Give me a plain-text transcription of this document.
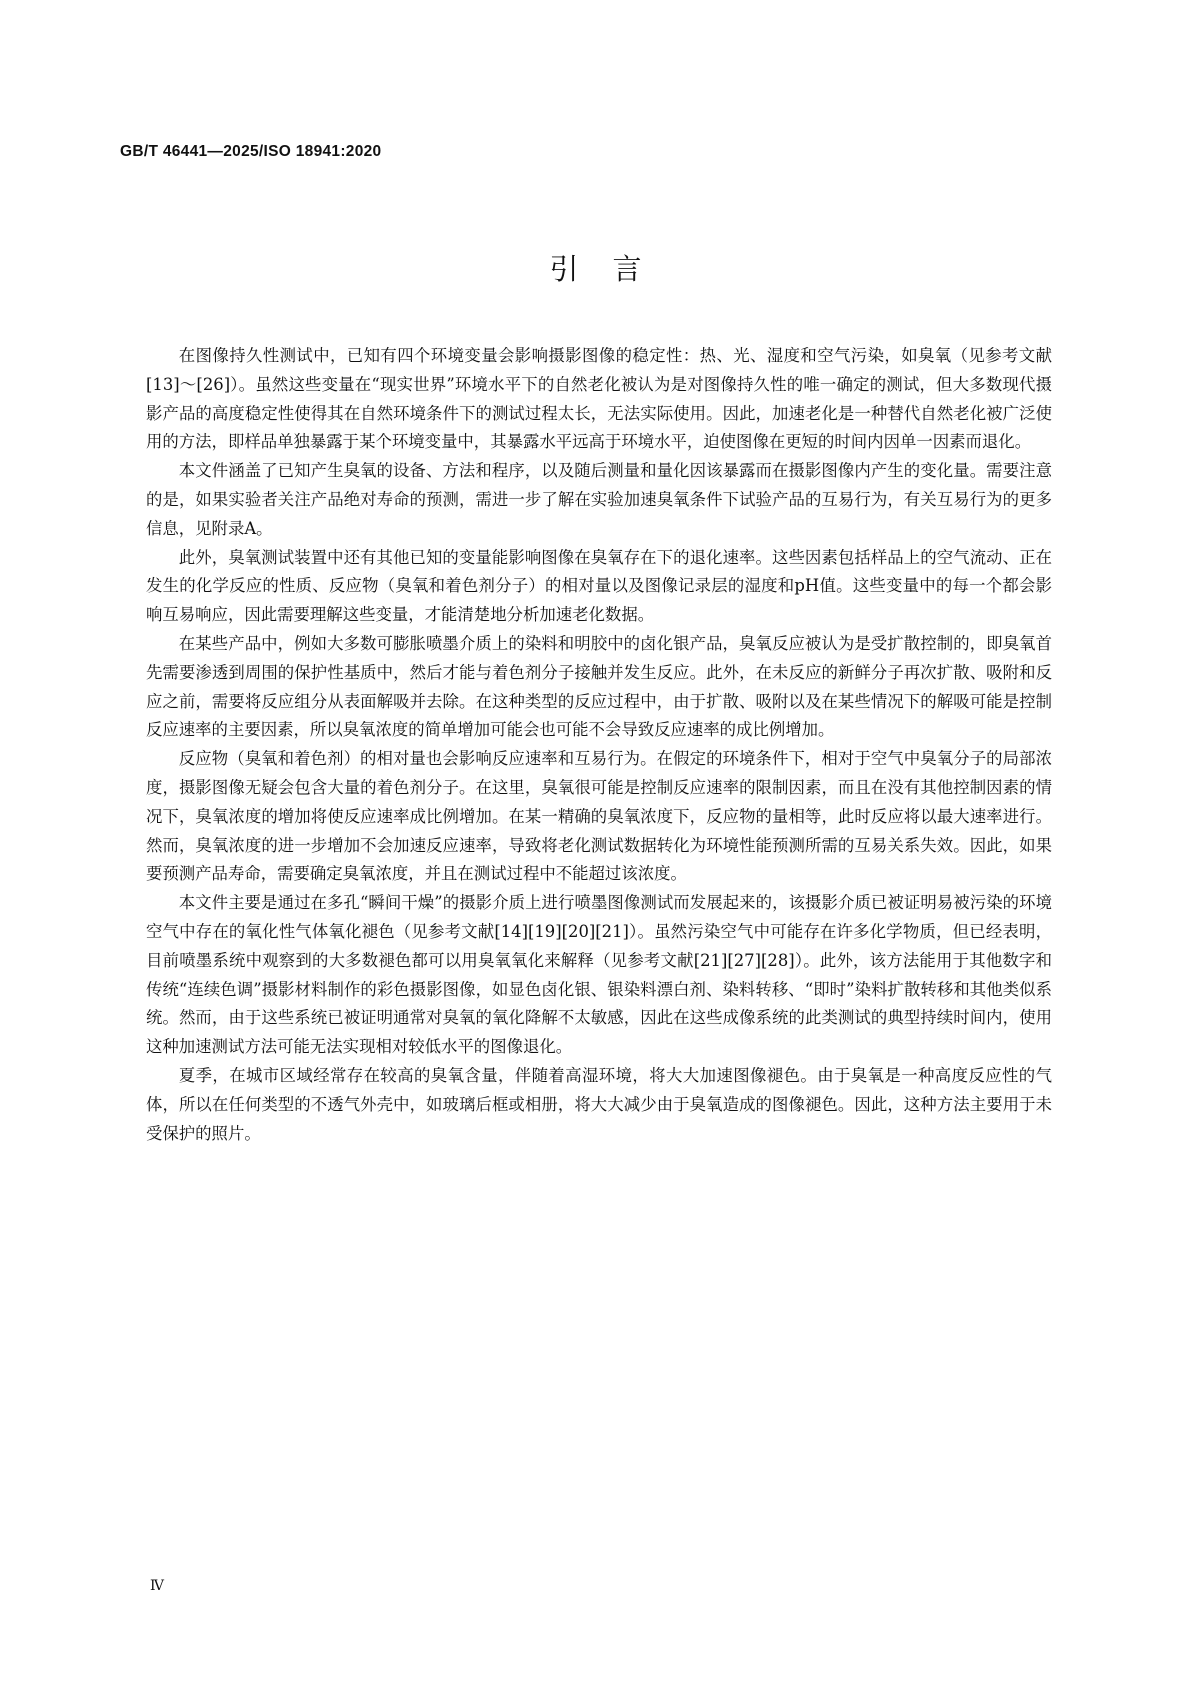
GB/T 46441—2025/ISO 18941:2020
引言

在图像持久性测试中，已知有四个环境变量会影响摄影图像的稳定性：热、光、湿度和空气污染，如臭氧（见参考文献[13]～[26]）。虽然这些变量在“现实世界”环境水平下的自然老化被认为是对图像持久性的唯一确定的测试，但大多数现代摄影产品的高度稳定性使得其在自然环境条件下的测试过程太长，无法实际使用。因此，加速老化是一种替代自然老化被广泛使用的方法，即样品单独暴露于某个环境变量中，其暴露水平远高于环境水平，迫使图像在更短的时间内因单一因素而退化。

本文件涵盖了已知产生臭氧的设备、方法和程序，以及随后测量和量化因该暴露而在摄影图像内产生的变化量。需要注意的是，如果实验者关注产品绝对寿命的预测，需进一步了解在实验加速臭氧条件下试验产品的互易行为，有关互易行为的更多信息，见附录A。

此外，臭氧测试装置中还有其他已知的变量能影响图像在臭氧存在下的退化速率。这些因素包括样品上的空气流动、正在发生的化学反应的性质、反应物（臭氧和着色剂分子）的相对量以及图像记录层的湿度和pH值。这些变量中的每一个都会影响互易响应，因此需要理解这些变量，才能清楚地分析加速老化数据。

在某些产品中，例如大多数可膨胀喷墨介质上的染料和明胶中的卤化银产品，臭氧反应被认为是受扩散控制的，即臭氧首先需要渗透到周围的保护性基质中，然后才能与着色剂分子接触并发生反应。此外，在未反应的新鲜分子再次扩散、吸附和反应之前，需要将反应组分从表面解吸并去除。在这种类型的反应过程中，由于扩散、吸附以及在某些情况下的解吸可能是控制反应速率的主要因素，所以臭氧浓度的简单增加可能会也可能不会导致反应速率的成比例增加。

反应物（臭氧和着色剂）的相对量也会影响反应速率和互易行为。在假定的环境条件下，相对于空气中臭氧分子的局部浓度，摄影图像无疑会包含大量的着色剂分子。在这里，臭氧很可能是控制反应速率的限制因素，而且在没有其他控制因素的情况下，臭氧浓度的增加将使反应速率成比例增加。在某一精确的臭氧浓度下，反应物的量相等，此时反应将以最大速率进行。然而，臭氧浓度的进一步增加不会加速反应速率，导致将老化测试数据转化为环境性能预测所需的互易关系失效。因此，如果要预测产品寿命，需要确定臭氧浓度，并且在测试过程中不能超过该浓度。

本文件主要是通过在多孔“瞬间干燥”的摄影介质上进行喷墨图像测试而发展起来的，该摄影介质已被证明易被污染的环境空气中存在的氧化性气体氧化褪色（见参考文献[14][19][20][21]）。虽然污染空气中可能存在许多化学物质，但已经表明，目前喷墨系统中观察到的大多数褪色都可以用臭氧氧化来解释（见参考文献[21][27][28]）。此外，该方法能用于其他数字和传统“连续色调”摄影材料制作的彩色摄影图像，如显色卤化银、银染料漂白剂、染料转移、“即时”染料扩散转移和其他类似系统。然而，由于这些系统已被证明通常对臭氧的氧化降解不太敏感，因此在这些成像系统的此类测试的典型持续时间内，使用这种加速测试方法可能无法实现相对较低水平的图像退化。

夏季，在城市区域经常存在较高的臭氧含量，伴随着高湿环境，将大大加速图像褪色。由于臭氧是一种高度反应性的气体，所以在任何类型的不透气外壳中，如玻璃后框或相册，将大大减少由于臭氧造成的图像褪色。因此，这种方法主要用于未受保护的照片。

Ⅳ
